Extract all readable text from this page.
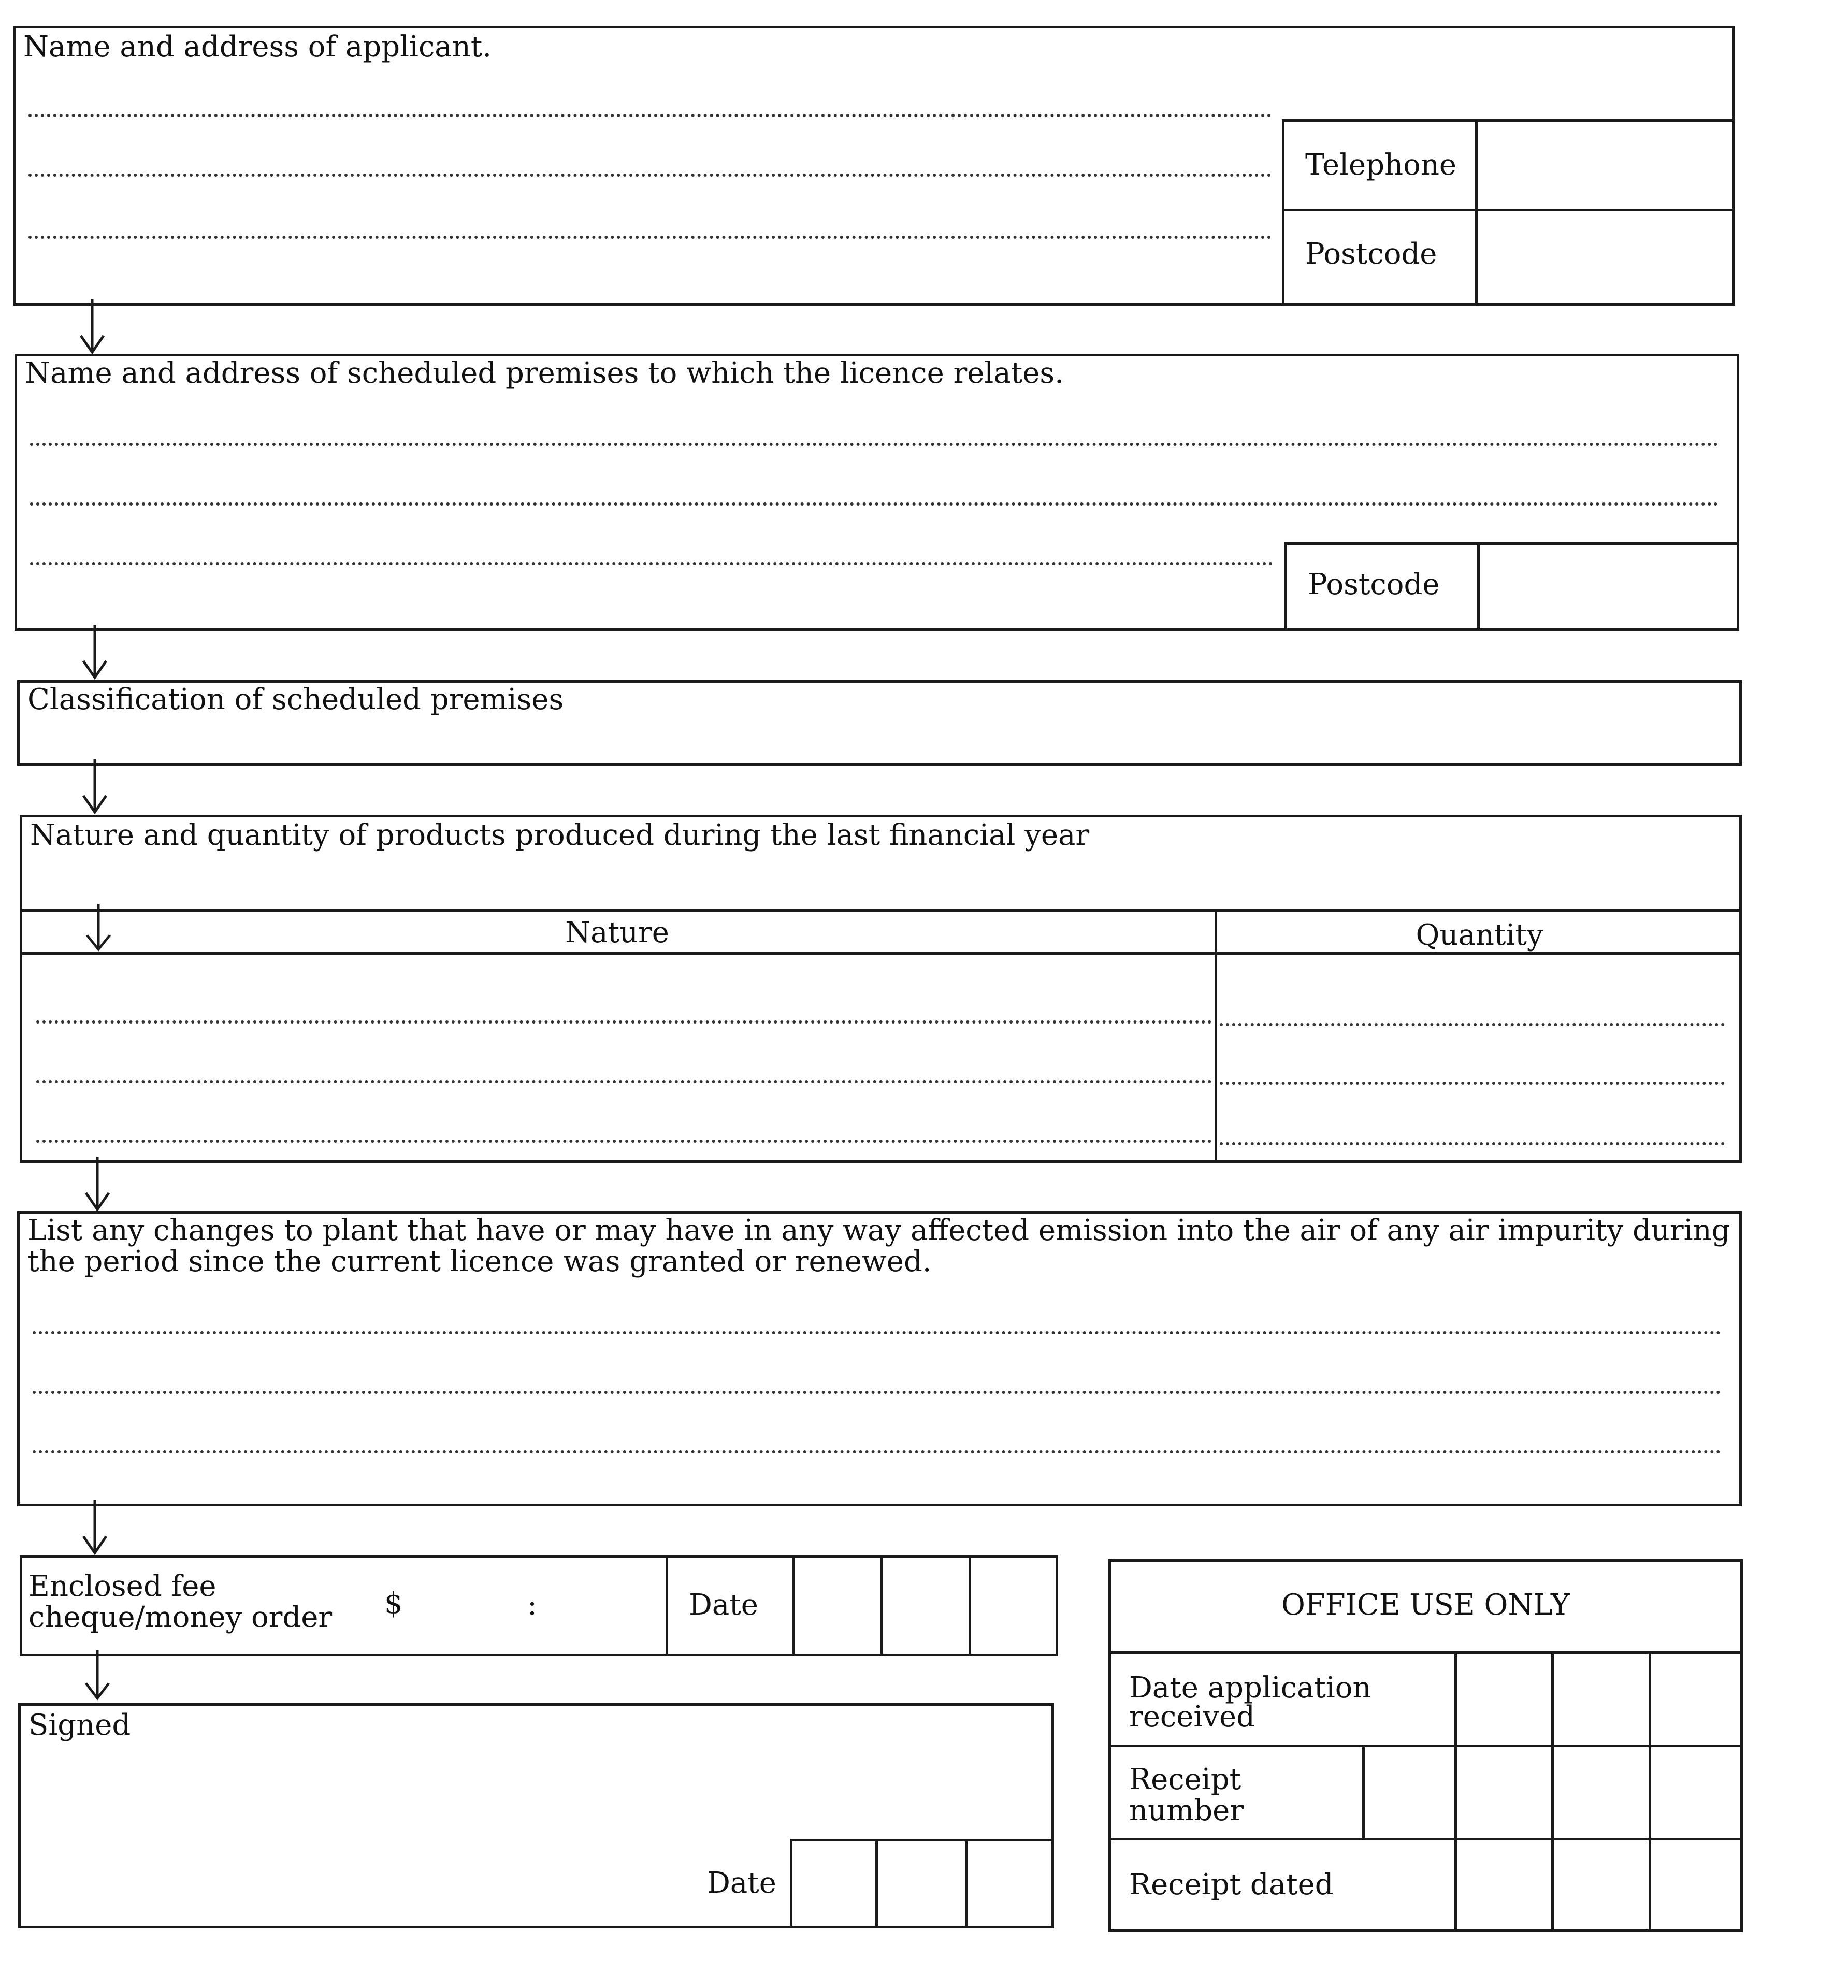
Name and address of applicant.
Telephone
Postcode
Name and address of scheduled premises to which the licence relates.
Postcode
Classification of scheduled premises
Nature and quantity of products produced during the last financial year
Nature	Quantity
List any changes to plant that have or may have in any way affected emission into the air of any air impurity during
the period since the current licence was granted or renewed.
Enclosed fee
cheque/money order $	:	Date
Signed
Date
OFFICE USE ONLY
Date application
received
Receipt
number
Receipt dated
